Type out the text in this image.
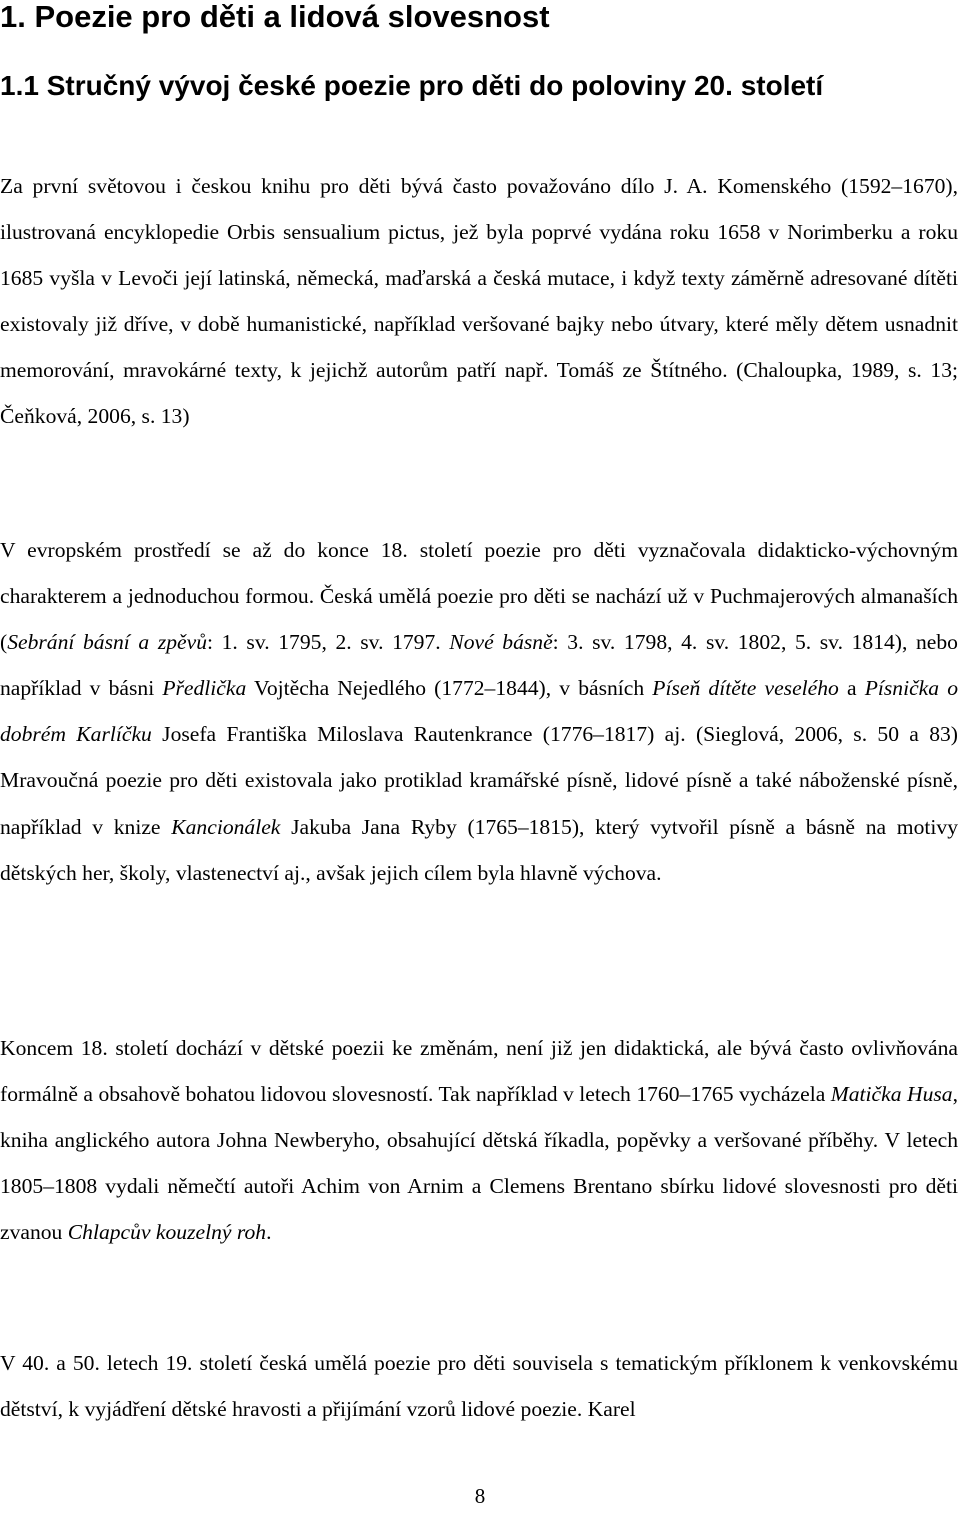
1. Poezie pro děti a lidová slovesnost
1.1 Stručný vývoj české poezie pro děti do poloviny 20. století

Za první světovou i českou knihu pro děti bývá často považováno dílo J. A. Komenského (1592–1670), ilustrovaná encyklopedie Orbis sensualium pictus, jež byla poprvé vydána roku 1658 v Norimberku a roku 1685 vyšla v Levoči její latinská, německá, maďarská a česká mutace, i když texty záměrně adresované dítěti existovaly již dříve, v době humanistické, například veršované bajky nebo útvary, které měly dětem usnadnit memorování, mravokárné texty, k jejichž autorům patří např. Tomáš ze Štítného. (Chaloupka, 1989, s. 13; Čeňková, 2006, s. 13)

V evropském prostředí se až do konce 18. století poezie pro děti vyznačovala didakticko-výchovným charakterem a jednoduchou formou. Česká umělá poezie pro děti se nachází už v Puchmajerových almanaších (Sebrání básní a zpěvů: 1. sv. 1795, 2. sv. 1797. Nové básně: 3. sv. 1798, 4. sv. 1802, 5. sv. 1814), nebo například v básni Předlička Vojtěcha Nejedlého (1772–1844), v básních Píseň dítěte veselého a Písnička o dobrém Karlíčku Josefa Františka Miloslava Rautenkrance (1776–1817) aj. (Sieglová, 2006, s. 50 a 83) Mravoučná poezie pro děti existovala jako protiklad kramářské písně, lidové písně a také náboženské písně, například v knize Kancionálek Jakuba Jana Ryby (1765–1815), který vytvořil písně a básně na motivy dětských her, školy, vlastenectví aj., avšak jejich cílem byla hlavně výchova.

Koncem 18. století dochází v dětské poezii ke změnám, není již jen didaktická, ale bývá často ovlivňována formálně a obsahově bohatou lidovou slovesností. Tak například v letech 1760–1765 vycházela Matička Husa, kniha anglického autora Johna Newberyho, obsahující dětská říkadla, popěvky a veršované příběhy. V letech 1805–1808 vydali němečtí autoři Achim von Arnim a Clemens Brentano sbírku lidové slovesnosti pro děti zvanou Chlapcův kouzelný roh.

V 40. a 50. letech 19. století česká umělá poezie pro děti souvisela s tematickým příklonem k venkovskému dětství, k vyjádření dětské hravosti a přijímání vzorů lidové poezie. Karel

8
